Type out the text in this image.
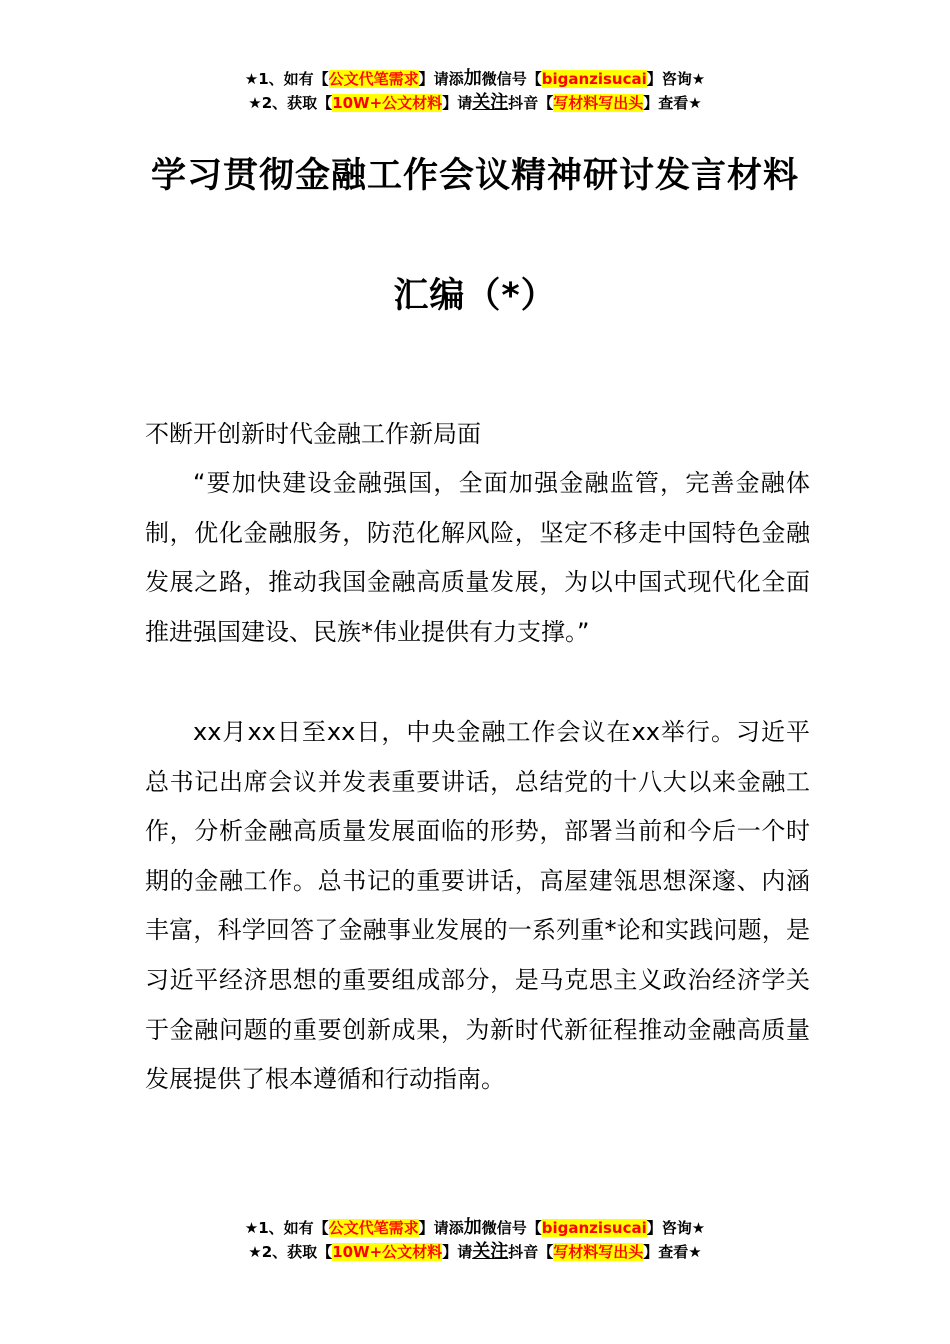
★1、如有【公文代笔需求】请添加微信号【biganzisucai】咨询★
★2、获取【10W+公文材料】请关注抖音【写材料写出头】查看★
学习贯彻金融工作会议精神研讨发言材料
汇编（*）
不断开创新时代金融工作新局面

“要加快建设金融强国，全面加强金融监管，完善金融体制，优化金融服务，防范化解风险，坚定不移走中国特色金融发展之路，推动我国金融高质量发展，为以中国式现代化全面推进强国建设、民族*伟业提供有力支撑。”

xx月xx日至xx日，中央金融工作会议在xx举行。习近平总书记出席会议并发表重要讲话，总结党的十八大以来金融工作，分析金融高质量发展面临的形势，部署当前和今后一个时期的金融工作。总书记的重要讲话，高屋建瓴思想深邃、内涵丰富，科学回答了金融事业发展的一系列重*论和实践问题，是习近平经济思想的重要组成部分，是马克思主义政治经济学关于金融问题的重要创新成果，为新时代新征程推动金融高质量发展提供了根本遵循和行动指南。

★1、如有【公文代笔需求】请添加微信号【biganzisucai】咨询★
★2、获取【10W+公文材料】请关注抖音【写材料写出头】查看★
